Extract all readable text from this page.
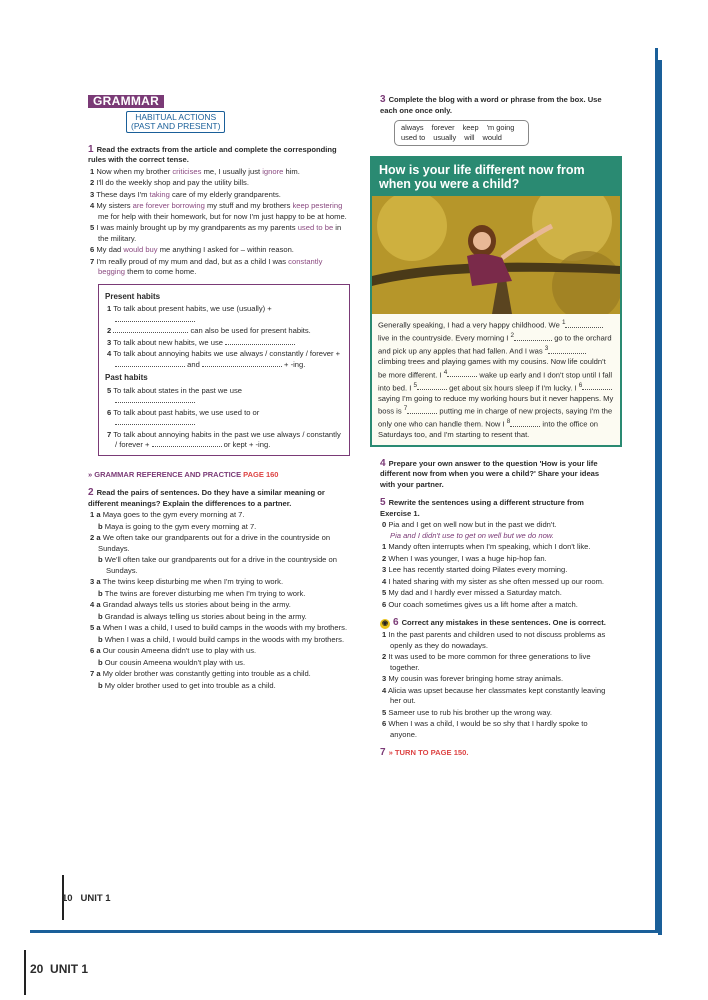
GRAMMAR
HABITUAL ACTIONS
(PAST AND PRESENT)
1 Read the extracts from the article and complete the corresponding rules with the correct tense.
1 Now when my brother criticises me, I usually just ignore him.
2 I'll do the weekly shop and pay the utility bills.
3 These days I'm taking care of my elderly grandparents.
4 My sisters are forever borrowing my stuff and my brothers keep pestering me for help with their homework, but for now I'm just happy to be at home.
5 I was mainly brought up by my grandparents as my parents used to be in the military.
6 My dad would buy me anything I asked for – within reason.
7 I'm really proud of my mum and dad, but as a child I was constantly begging them to come home.
Present habits
1 To talk about present habits, we use (usually) +

2	can also be used for present habits.
3 To talk about new habits, we use
4 To talk about annoying habits we use always / constantly / forever +  and	+ -ing.
Past habits
5 To talk about states in the past we use

6 To talk about past habits, we use used to or

7 To talk about annoying habits in the past we use always / constantly / forever +	or kept + -ing.
» GRAMMAR REFERENCE AND PRACTICE PAGE 160
2 Read the pairs of sentences. Do they have a similar meaning or different meanings? Explain the differences to a partner.
1 a Maya goes to the gym every morning at 7.
b Maya is going to the gym every morning at 7.
2 a We often take our grandparents out for a drive in the countryside on Sundays.
b We'll often take our grandparents out for a drive in the countryside on Sundays.
3 a The twins keep disturbing me when I'm trying to work.
b The twins are forever disturbing me when I'm trying to work.
4 a Grandad always tells us stories about being in the army.
b Grandad is always telling us stories about being in the army.
5 a When I was a child, I used to build camps in the woods with my brothers.
b When I was a child, I would build camps in the woods with my brothers.
6 a Our cousin Ameena didn't use to play with us.
b Our cousin Ameena wouldn't play with us.
7 a My older brother was constantly getting into trouble as a child.
b My older brother used to get into trouble as a child.
3 Complete the blog with a word or phrase from the box. Use each one once only.
always forever keep 'm going
used to usually will would
How is your life different now from when you were a child?
Generally speaking, I had a very happy childhood. We $^1$ live in the countryside. Every morning I $^2$	go to the orchard and pick up any apples that had fallen. And I was $^3$ climbing trees and playing games with my cousins. Now life couldn't be more different. I $^4$	wake up early and I don't stop until I fall into bed. I $^5$	get about six hours sleep if I'm lucky. I $^6$ saying I'm going to reduce my working hours but it never happens. My boss is $^7$	putting me in charge of new projects, saying I'm the only one who can handle them. Now I $^8$	into the office on Saturdays too, and I'm starting to resent that.
4 Prepare your own answer to the question 'How is your life different now from when you were a child?' Share your ideas with your partner.
5 Rewrite the sentences using a different structure from Exercise 1.
0 Pia and I get on well now but in the past we didn't.
Pia and I didn't use to get on well but we do now.
1 Mandy often interrupts when I'm speaking, which I don't like.
2 When I was younger, I was a huge hip-hop fan.
3 Lee has recently started doing Pilates every morning.
4 I hated sharing with my sister as she often messed up our room.
5 My dad and I hardly ever missed a Saturday match.
6 Our coach sometimes gives us a lift home after a match.
◉ 6 Correct any mistakes in these sentences. One is correct.
1 In the past parents and children used to not discuss problems as openly as they do nowadays.
2 It was used to be more common for three generations to live together.
3 My cousin was forever bringing home stray animals.
4 Alicia was upset because her classmates kept constantly leaving her out.
5 Sameer use to rub his brother up the wrong way.
6 When I was a child, I would be so shy that I hardly spoke to anyone.
7 » TURN TO PAGE 150.
10 UNIT 1
20 UNIT 1
